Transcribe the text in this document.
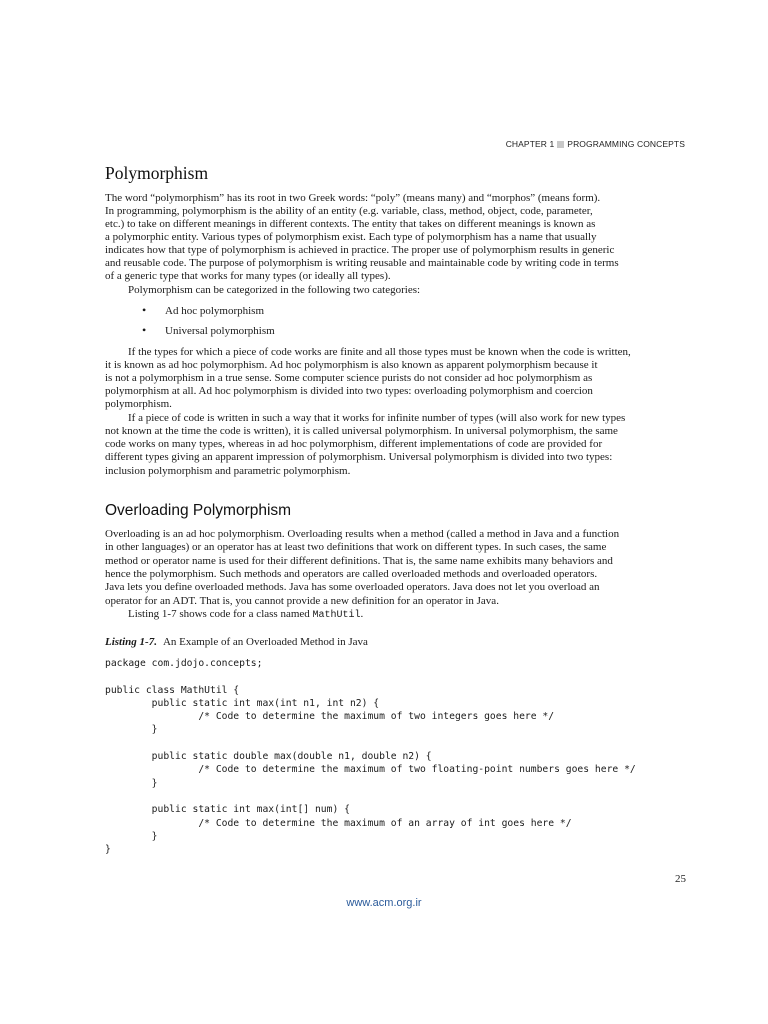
CHAPTER 1 PROGRAMMING CONCEPTS
Polymorphism

The word “polymorphism” has its root in two Greek words: “poly” (means many) and “morphos” (means form).

In programming, polymorphism is the ability of an entity (e.g. variable, class, method, object, code, parameter,

etc.) to take on different meanings in different contexts. The entity that takes on different meanings is known as

a polymorphic entity. Various types of polymorphism exist. Each type of polymorphism has a name that usually

indicates how that type of polymorphism is achieved in practice. The proper use of polymorphism results in generic

and reusable code. The purpose of polymorphism is writing reusable and maintainable code by writing code in terms

of a generic type that works for many types (or ideally all types).

Polymorphism can be categorized in the following two categories:

• Ad hoc polymorphism
• Universal polymorphism

If the types for which a piece of code works are finite and all those types must be known when the code is written,

it is known as ad hoc polymorphism. Ad hoc polymorphism is also known as apparent polymorphism because it

is not a polymorphism in a true sense. Some computer science purists do not consider ad hoc polymorphism as

polymorphism at all. Ad hoc polymorphism is divided into two types: overloading polymorphism and coercion

polymorphism.

If a piece of code is written in such a way that it works for infinite number of types (will also work for new types

not known at the time the code is written), it is called universal polymorphism. In universal polymorphism, the same

code works on many types, whereas in ad hoc polymorphism, different implementations of code are provided for

different types giving an apparent impression of polymorphism. Universal polymorphism is divided into two types:

inclusion polymorphism and parametric polymorphism.

Overloading Polymorphism

Overloading is an ad hoc polymorphism. Overloading results when a method (called a method in Java and a function

in other languages) or an operator has at least two definitions that work on different types. In such cases, the same

method or operator name is used for their different definitions. That is, the same name exhibits many behaviors and

hence the polymorphism. Such methods and operators are called overloaded methods and overloaded operators.

Java lets you define overloaded methods. Java has some overloaded operators. Java does not let you overload an

operator for an ADT. That is, you cannot provide a new definition for an operator in Java.

Listing 1-7 shows code for a class named MathUtil.

Listing 1-7. An Example of an Overloaded Method in Java

package com.jdojo.concepts;

public class MathUtil {
public static int max(int n1, int n2) {
/* Code to determine the maximum of two integers goes here */
}

public static double max(double n1, double n2) {
/* Code to determine the maximum of two floating-point numbers goes here */
}

public static int max(int[] num) {
/* Code to determine the maximum of an array of int goes here */
}
}
25
www.acm.org.ir
